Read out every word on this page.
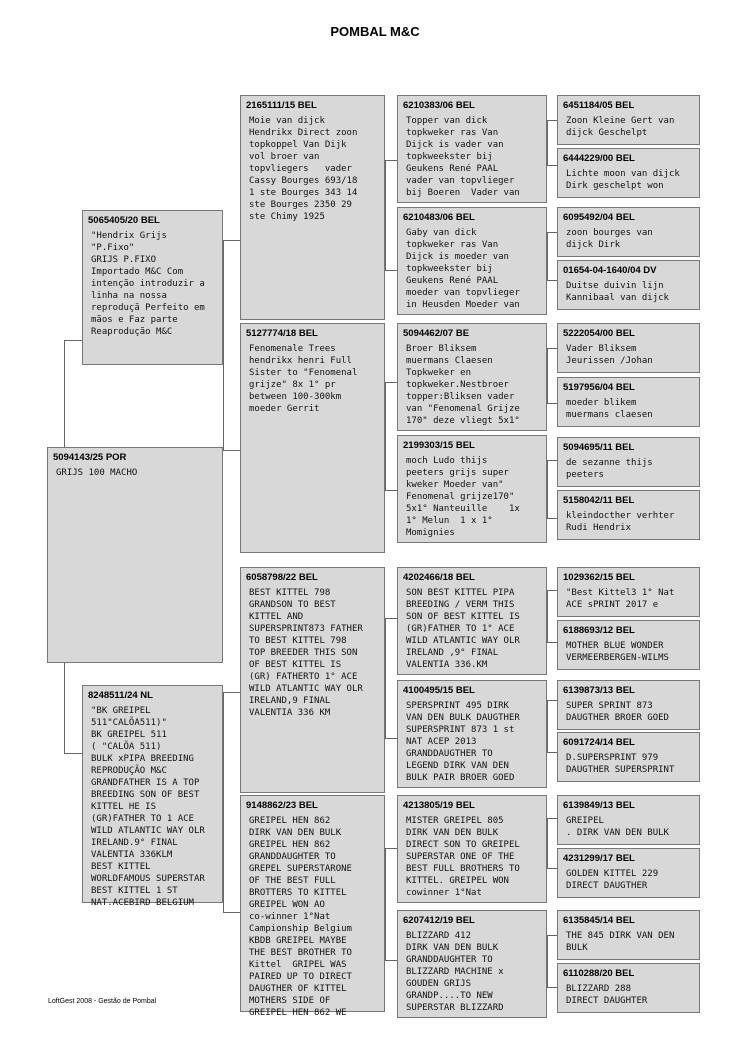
POMBAL M&C
5094143/25 POR
GRIJS 100 MACHO
5065405/20 BEL
"Hendrix Grijs
"P.Fixo"
GRIJS P.FIXO
Importado M&C Com
intenção introduzir a
linha na nossa
reproduçã Perfeito em
mãos e Faz parte
Reaprodução M&C
8248511/24 NL
"BK GREIPEL
511"CALÕA511)"
BK GREIPEL 511
( "CALÕA 511)
BULK xPIPA BREEDING
REPRODUÇÃO M&C
GRANDFATHER IS A TOP
BREEDING SON OF BEST
KITTEL HE IS
(GR)FATHER TO 1 ACE
WILD ATLANTIC WAY OLR
IRELAND.9° FINAL
VALENTIA 336KLM
BEST KITTEL
WORLDFAMOUS SUPERSTAR
BEST KITTEL 1 ST
NAT.ACEBIRD BELGIUM
2165111/15 BEL
Moie van dijck
Hendrikx Direct zoon
topkoppel Van Dijk
vol broer van
topvliegers   vader
Cassy Bourges 693/18
1 ste Bourges 343 14
ste Bourges 2350 29
ste Chimy 1925
5127774/18 BEL
Fenomenale Trees
hendrikx henri Full
Sister to "Fenomenal
grijze" 8x 1° pr
between 100-300km
moeder Gerrit
6058798/22 BEL
BEST KITTEL 798
GRANDSON TO BEST
KITTEL AND
SUPERSPRINT873 FATHER
TO BEST KITTEL 798
TOP BREEDER THIS SON
OF BEST KITTEL IS
(GR) FATHERTO 1° ACE
WILD ATLANTIC WAY OLR
IRELAND,9 FINAL
VALENTIA 336 KM
9148862/23 BEL
GREIPEL HEN 862
DIRK VAN DEN BULK
GREIPEL HEN 862
GRANDDAUGHTER TO
GREPEL SUPERSTARONE
OF THE BEST FULL
BROTTERS TO KITTEL
GREIPEL WON AO
co-winner 1°Nat
Campionship Belgium
KBDB GREIPEL MAYBE
THE BEST BROTHER TO
Kittel  GRIPEL WAS
PAIRED UP TO DIRECT
DAUGTHER OF KITTEL
MOTHERS SIDE OF
GREIPEL HEN 862 WE
6210383/06 BEL
Topper van dick
topkweker ras Van
Dijck is vader van
topkweekster bij
Geukens René PAAL
vader van topvlieger
bij Boeren  Vader van
6210483/06 BEL
Gaby van dick
topkweker ras Van
Dijck is moeder van
topkweekster bij
Geukens René PAAL
moeder van topvlieger
in Heusden Moeder van
5094462/07 BE
Broer Bliksem
muermans Claesen
Topkweker en
topkweker.Nestbroer
topper:Bliksen vader
van "Fenomenal Grijze
170" deze vliegt 5x1°
2199303/15 BEL
moch Ludo thijs
peeters grijs super
kweker Moeder van"
Fenomenal grijze170"
5x1° Nanteuille    1x
1° Melun  1 x 1°
Momignies
4202466/18 BEL
SON BEST KITTEL PIPA
BREEDING / VERM THIS
SON OF BEST KITTEL IS
(GR)FATHER TO 1° ACE
WILD ATLANTIC WAY OLR
IRELAND ,9° FINAL
VALENTIA 336.KM
4100495/15 BEL
SPERSPRINT 495 DIRK
VAN DEN BULK DAUGTHER
SUPERSPRINT 873 1 st
NAT ACEP 2013
GRANDDAUGTHER TO
LEGEND DIRK VAN DEN
BULK PAIR BROER GOED
4213805/19 BEL
MISTER GREIPEL 805
DIRK VAN DEN BULK
DIRECT SON TO GREIPEL
SUPERSTAR ONE OF THE
BEST FULL BROTHERS TO
KITTEL. GREIPEL WON
cowinner 1°Nat
6207412/19 BEL
BLIZZARD 412
DIRK VAN DEN BULK
GRANDDAUGHTER TO
BLIZZARD MACHINE x
GOUDEN GRIJS
GRANDP....TO NEW
SUPERSTAR BLIZZARD
6451184/05 BEL
Zoon Kleine Gert van
dijck Geschelpt
6444229/00 BEL
Lichte moon van dijck
Dirk geschelpt won
6095492/04 BEL
zoon bourges van
dijck Dirk
01654-04-1640/04 DV
Duitse duivin lijn
Kannibaal van dijck
5222054/00 BEL
Vader Bliksem
Jeurissen /Johan
5197956/04 BEL
moeder blikem
muermans claesen
5094695/11 BEL
de sezanne thijs
peeters
5158042/11 BEL
kleindocther verhter
Rudi Hendrix
1029362/15 BEL
"Best Kittel3 1° Nat
ACE sPRINT 2017 e
6188693/12 BEL
MOTHER BLUE WONDER
VERMEERBERGEN-WILMS
6139873/13 BEL
SUPER SPRINT 873
DAUGTHER BROER GOED
6091724/14 BEL
D.SUPERSPRINT 979
DAUGTHER SUPERSPRINT
6139849/13 BEL
GREIPEL
. DIRK VAN DEN BULK
4231299/17 BEL
GOLDEN KITTEL 229
DIRECT DAUGTHER
6135845/14 BEL
THE 845 DIRK VAN DEN
BULK
6110288/20 BEL
BLIZZARD 288
DIRECT DAUGHTER
LoftGest 2008 - Gestão de Pombal
